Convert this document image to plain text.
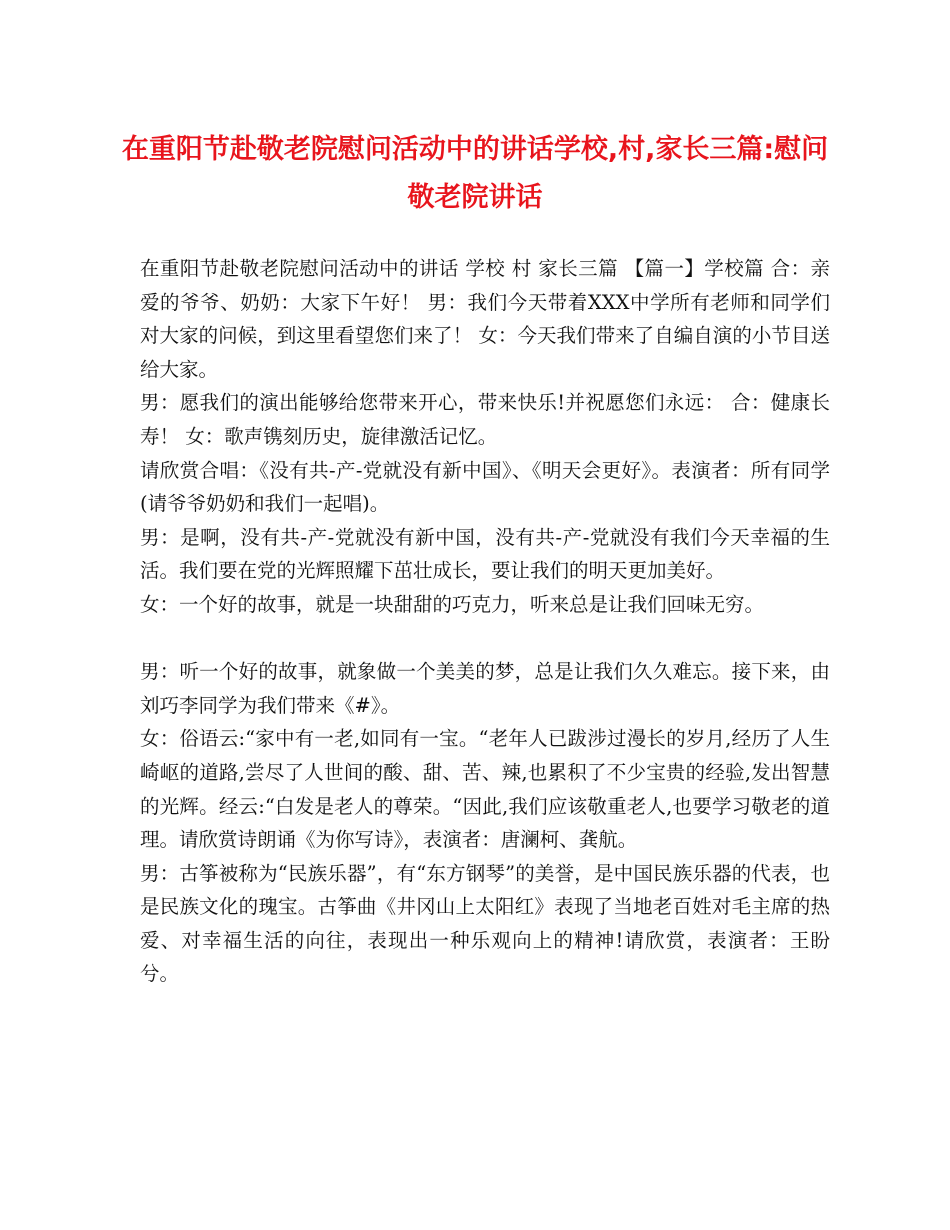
在重阳节赴敬老院慰问活动中的讲话学校,村,家长三篇:慰问敬老院讲话

在重阳节赴敬老院慰问活动中的讲话 学校 村 家长三篇 【篇一】学校篇 合：亲爱的爷爷、奶奶：大家下午好！ 男：我们今天带着XXX中学所有老师和同学们对大家的问候，到这里看望您们来了！ 女：今天我们带来了自编自演的小节目送给大家。

男：愿我们的演出能够给您带来开心，带来快乐!并祝愿您们永远： 合：健康长寿！ 女：歌声镌刻历史，旋律激活记忆。

请欣赏合唱：《没有共-产-党就没有新中国》、《明天会更好》。表演者：所有同学(请爷爷奶奶和我们一起唱)。

男：是啊，没有共-产-党就没有新中国，没有共-产-党就没有我们今天幸福的生活。我们要在党的光辉照耀下茁壮成长，要让我们的明天更加美好。

女：一个好的故事，就是一块甜甜的巧克力，听来总是让我们回味无穷。

男：听一个好的故事，就象做一个美美的梦，总是让我们久久难忘。接下来，由刘巧李同学为我们带来《#》。

女：俗语云:“家中有一老,如同有一宝。“老年人已跋涉过漫长的岁月,经历了人生崎岖的道路,尝尽了人世间的酸、甜、苦、辣,也累积了不少宝贵的经验,发出智慧的光辉。经云:“白发是老人的尊荣。“因此,我们应该敬重老人,也要学习敬老的道理。请欣赏诗朗诵《为你写诗》，表演者：唐澜柯、龚航。

男：古筝被称为“民族乐器”，有“东方钢琴”的美誉，是中国民族乐器的代表，也是民族文化的瑰宝。古筝曲《井冈山上太阳红》表现了当地老百姓对毛主席的热爱、对幸福生活的向往，表现出一种乐观向上的精神!请欣赏，表演者：王盼兮。
